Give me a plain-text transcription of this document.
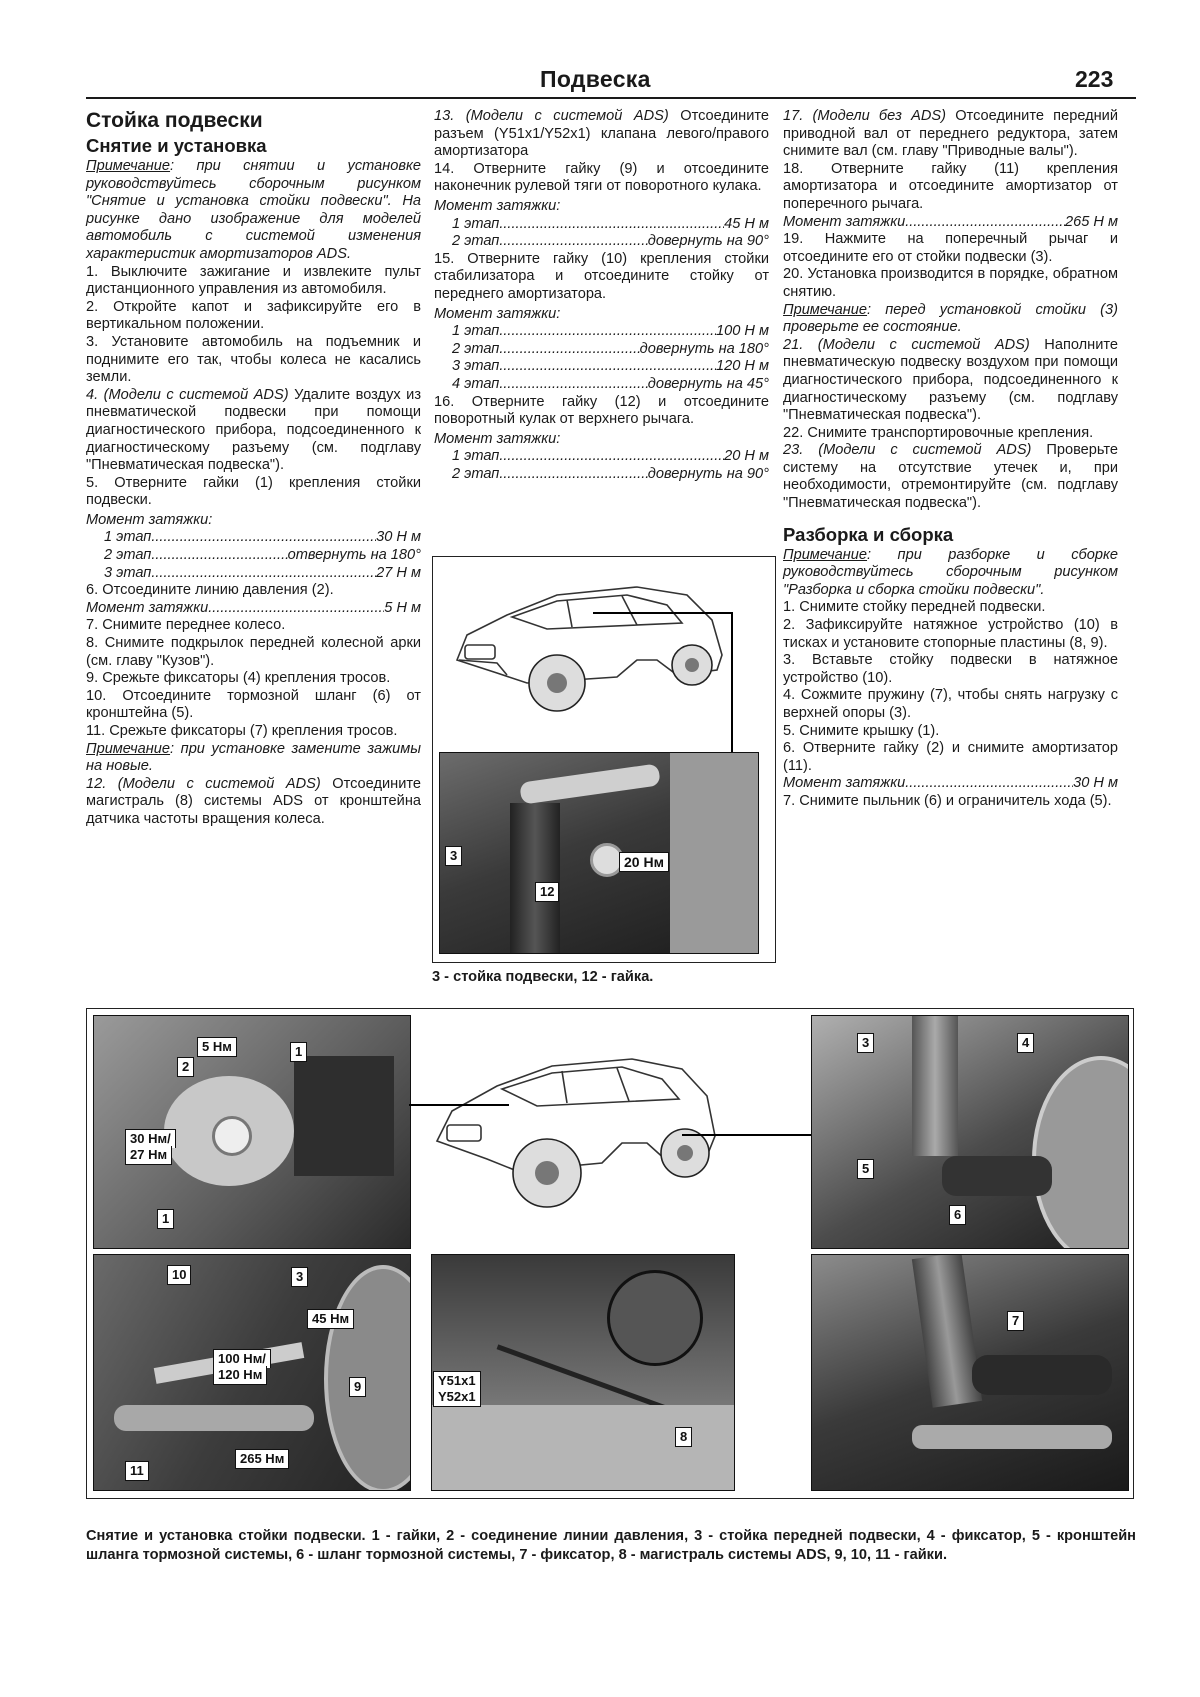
Подвеска	223

Стойка подвески

Снятие и установка

Примечание: при снятии и установке руководствуйтесь сборочным рисунком "Снятие и установка стойки подвески". На рисунке дано изображение для моделей автомобиль с системой изменения характеристик амортизаторов ADS.

1. Выключите зажигание и извлеките пульт дистанционного управления из автомобиля.

2. Откройте капот и зафиксируйте его в вертикальном положении.

3. Установите автомобиль на подъемник и поднимите его так, чтобы колеса не касались земли.

4. (Модели с системой ADS) Удалите воздух из пневматической подвески при помощи диагностического прибора, подсоединенного к диагностическому разъему (см. подглаву "Пневматическая подвеска").

5. Отверните гайки (1) крепления стойки подвески.

Момент затяжки:

1 этап .....	30 Н м
2 этап .....	отвернуть на 180°
3 этап .....	27 Н м

6. Отсоедините линию давления (2).

Момент затяжки .....	5 Н м

7. Снимите переднее колесо.

8. Снимите подкрылок передней колесной арки (см. главу "Кузов").

9. Срежьте фиксаторы (4) крепления тросов.

10. Отсоедините тормозной шланг (6) от кронштейна (5).

11. Срежьте фиксаторы (7) крепления тросов.

Примечание: при установке замените зажимы на новые.

12. (Модели с системой ADS) Отсоедините магистраль (8) системы ADS от кронштейна датчика частоты вращения колеса.

13. (Модели с системой ADS) Отсоедините разъем (Y51x1/Y52x1) клапана левого/правого амортизатора

14. Отверните гайку (9) и отсоедините наконечник рулевой тяги от поворотного кулака.

Момент затяжки:

1 этап .....	45 Н м
2 этап .....	довернуть на 90°

15. Отверните гайку (10) крепления стойки стабилизатора и отсоедините стойку от переднего амортизатора.

Момент затяжки:

1 этап .....	100 Н м
2 этап .....	довернуть на 180°
3 этап .....	120 Н м
4 этап .....	довернуть на 45°

16. Отверните гайку (12) и отсоедините поворотный кулак от верхнего рычага.

Момент затяжки:

1 этап .....	20 Н м
2 этап .....	довернуть на 90°
3
12
20 Нм
3 - стойка подвески, 12 - гайка.

17. (Модели без ADS) Отсоедините передний приводной вал от переднего редуктора, затем снимите вал (см. главу "Приводные валы").

18. Отверните гайку (11) крепления амортизатора и отсоедините амортизатор от поперечного рычага.

Момент затяжки .....	265 Н м

19. Нажмите на поперечный рычаг и отсоедините его от стойки подвески (3).

20. Установка производится в порядке, обратном снятию.

Примечание: перед установкой стойки (3) проверьте ее состояние.

21. (Модели с системой ADS) Наполните пневматическую подвеску воздухом при помощи диагностического прибора, подсоединенного к диагностическому разъему (см. подглаву "Пневматическая подвеска").

22. Снимите транспортировочные крепления.

23. (Модели с системой ADS) Проверьте систему на отсутствие утечек и, при необходимости, отремонтируйте (см. подглаву "Пневматическая подвеска").

Разборка и сборка

Примечание: при разборке и сборке руководствуйтесь сборочным рисунком "Разборка и сборка стойки подвески".

1. Снимите стойку передней подвески.

2. Зафиксируйте натяжное устройство (10) в тисках и установите стопорные пластины (8, 9).

3. Вставьте стойку подвески в натяжное устройство (10).

4. Сожмите пружину (7), чтобы снять нагрузку с верхней опоры (3).

5. Снимите крышку (1).

6. Отверните гайку (2) и снимите амортизатор (11).

Момент затяжки .....	30 Н м

7. Снимите пыльник (6) и ограничитель хода (5).

5 Нм	1
2
30 Нм/
27 Нм
1
3	4
5
6
10	3
45 Нм
100 Нм/
120 Нм
9
11
265 Нм
Y51x1
Y52x1
8
7
Снятие и установка стойки подвески. 1 - гайки, 2 - соединение линии давления, 3 - стойка передней подвески, 4 - фиксатор, 5 - кронштейн шланга тормозной системы, 6 - шланг тормозной системы, 7 - фиксатор, 8 - магистраль системы ADS, 9, 10, 11 - гайки.
